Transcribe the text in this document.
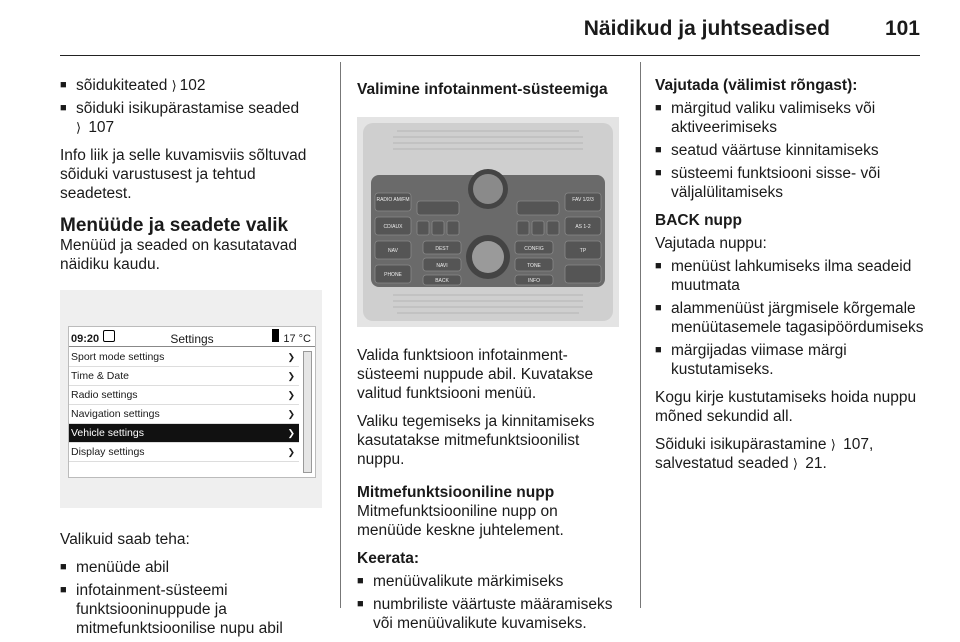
Näidikud ja juhtseadised	101
■ sõidukiteated ⟩ 102
■ sõiduki isikupärastamise seaded
⟩ 107

Info liik ja selle kuvamisviis sõltuvad sõiduki varustusest ja tehtud seadetest.

Menüüde ja seadete valik

Menüüd ja seaded on kasutatavad näidiku kaudu.

09:20	Settings	17 °C
Sport mode settings	❯
Time & Date	❯
Radio settings	❯
Navigation settings	❯
Vehicle settings	❯
Display settings	❯

Valikuid saab teha:

■ menüüde abil
■ infotainment-süsteemi funktsiooninuppude ja mitmefunktsioonilise nupu abil
Valimine infotainment-süsteemiga
RADIO AM/FM
CD/AUX
NAV
PHONE
FAV 1/2/3
AS 1-2
TP
DEST
NAVI
BACK
CONFIG
TONE
INFO

Valida funktsioon infotainment-süsteemi nuppude abil. Kuvatakse valitud funktsiooni menüü.

Valiku tegemiseks ja kinnitamiseks kasutatakse mitmefunktsioonilist nuppu.

Mitmefunktsiooniline nupp

Mitmefunktsiooniline nupp on menüüde keskne juhtelement.

Keerata:

■ menüüvalikute märkimiseks
■ numbriliste väärtuste määramiseks või menüüvalikute kuvamiseks.

Vajutada (välimist rõngast):

■ märgitud valiku valimiseks või aktiveerimiseks
■ seatud väärtuse kinnitamiseks
■ süsteemi funktsiooni sisse- või väljalülitamiseks

BACK nupp

Vajutada nuppu:

■ menüüst lahkumiseks ilma seadeid muutmata
■ alammenüüst järgmisele kõrgemale menüütasemele tagasipöördumiseks
■ märgijadas viimase märgi kustutamiseks.

Kogu kirje kustutamiseks hoida nuppu mõned sekundid all.

Sõiduki isikupärastamine ⟩ 107,
salvestatud seaded ⟩ 21.
